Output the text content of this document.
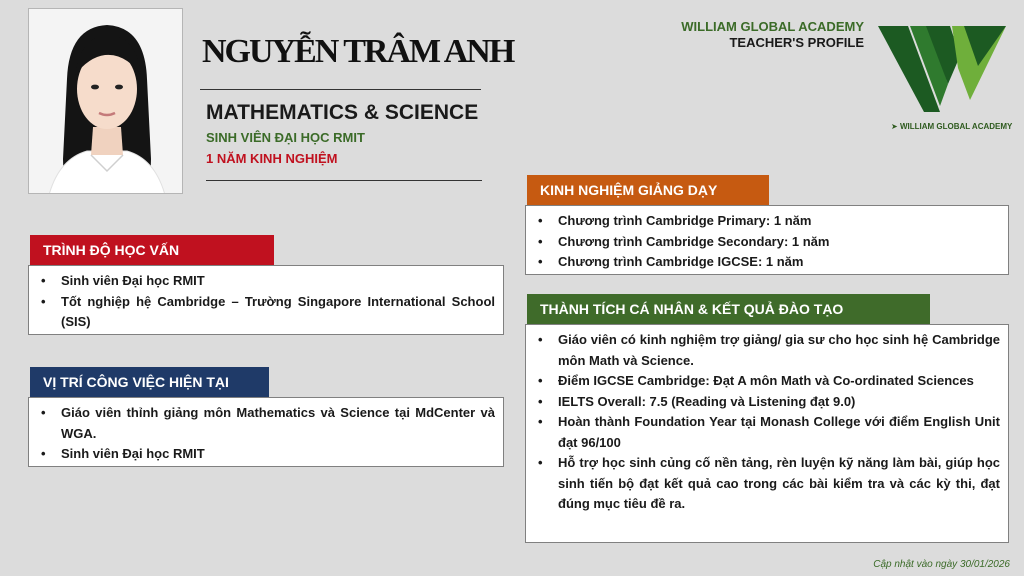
NGUYỄN TRÂM ANH
MATHEMATICS & SCIENCE
SINH VIÊN ĐẠI HỌC RMIT
1 NĂM KINH NGHIỆM
WILLIAM GLOBAL ACADEMY
TEACHER'S PROFILE
➤ WILLIAM GLOBAL ACADEMY
TRÌNH ĐỘ HỌC VẤN
• Sinh viên Đại học RMIT
• Tốt nghiệp hệ Cambridge – Trường Singapore International School (SIS)
VỊ TRÍ CÔNG VIỆC HIỆN TẠI
• Giáo viên thỉnh giảng môn Mathematics và Science tại MdCenter và WGA.
• Sinh viên Đại học RMIT
KINH NGHIỆM GIẢNG DẠY
• Chương trình Cambridge Primary: 1 năm
• Chương trình Cambridge Secondary: 1 năm
• Chương trình Cambridge IGCSE: 1 năm
THÀNH TÍCH CÁ NHÂN & KẾT QUẢ ĐÀO TẠO
• Giáo viên có kinh nghiệm trợ giảng/ gia sư cho học sinh hệ Cambridge môn Math và Science.
• Điểm IGCSE Cambridge: Đạt A môn Math và Co-ordinated Sciences
• IELTS Overall: 7.5 (Reading và Listening đạt 9.0)
• Hoàn thành Foundation Year tại Monash College với điểm English Unit đạt 96/100
• Hỗ trợ học sinh củng cố nền tảng, rèn luyện kỹ năng làm bài, giúp học sinh tiến bộ đạt kết quả cao trong các bài kiểm tra và các kỳ thi, đạt đúng mục tiêu đề ra.
Cập nhật vào ngày 30/01/2026
